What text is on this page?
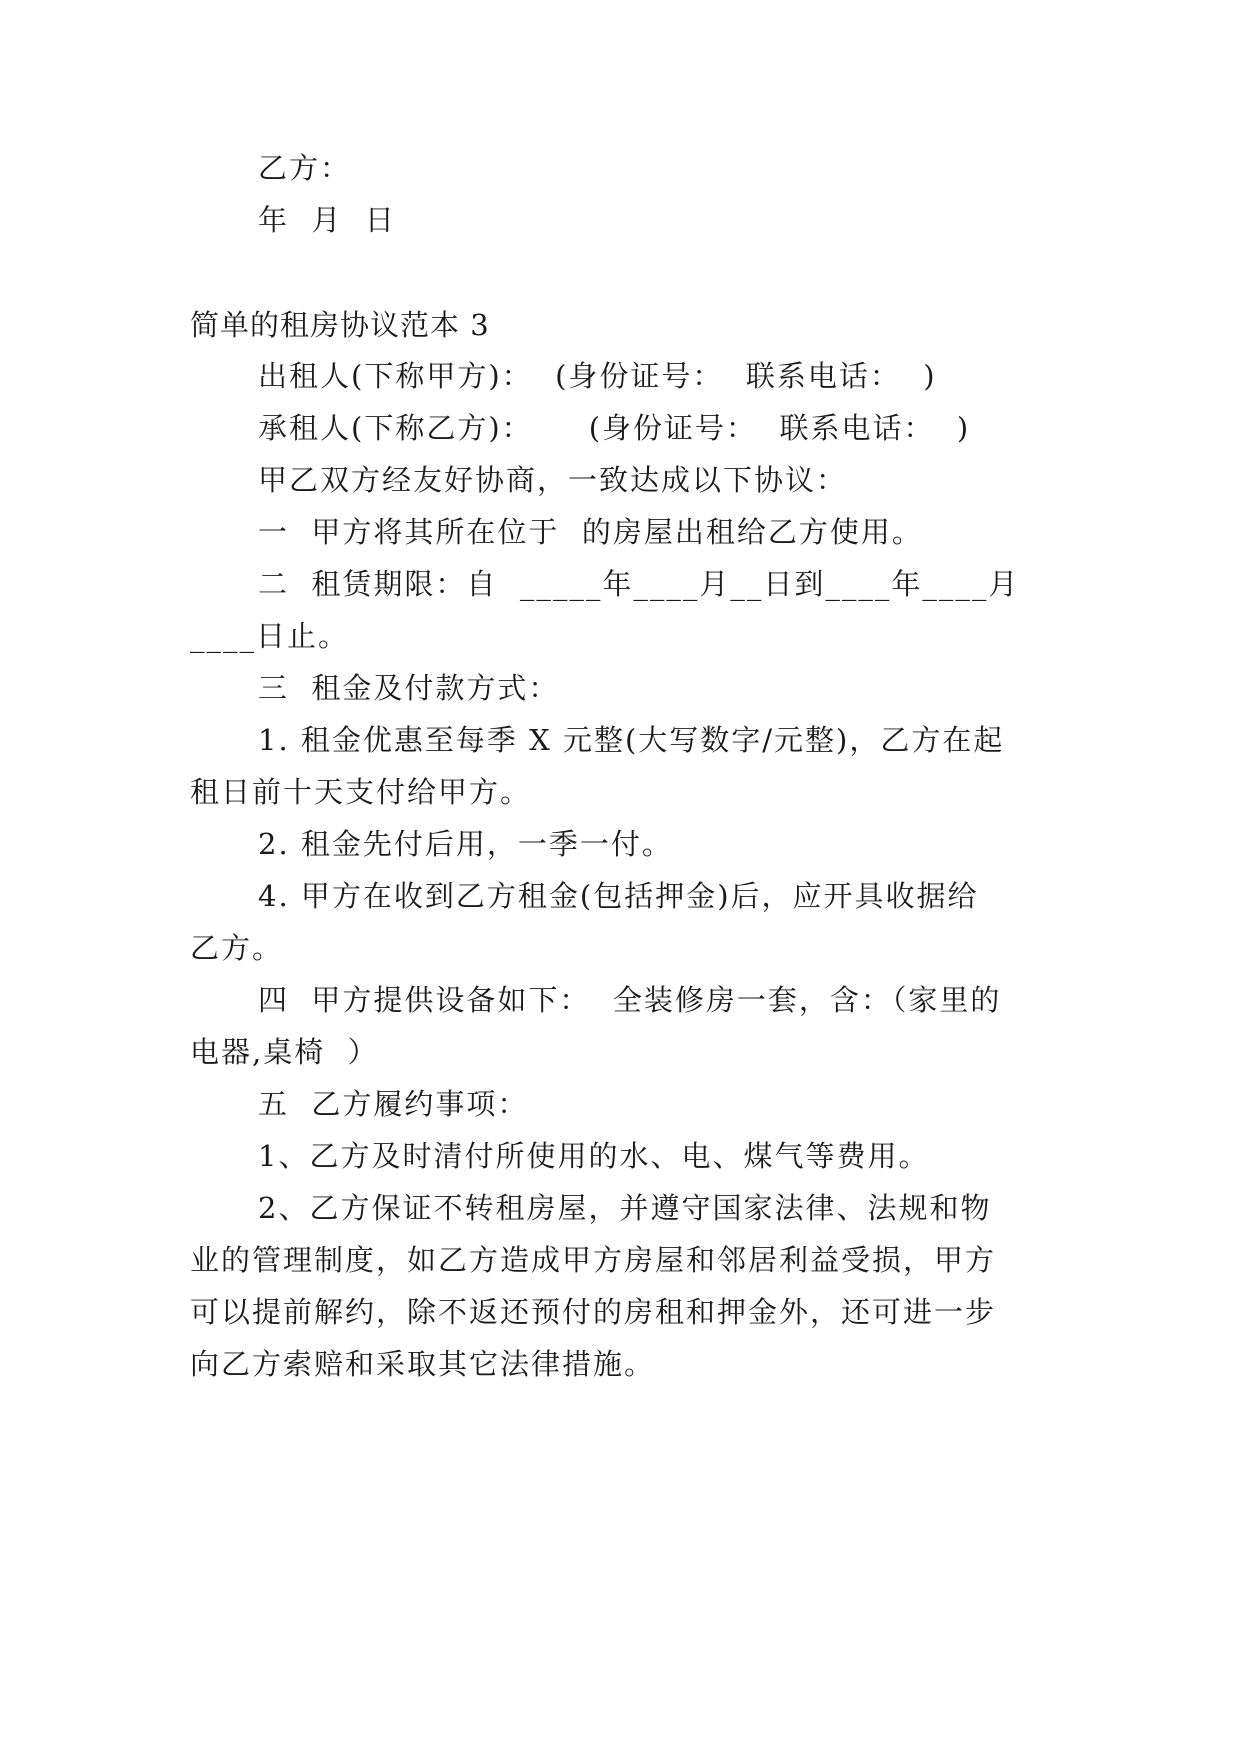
乙方：
年  月  日
简单的租房协议范本 3
出租人(下称甲方)：  (身份证号：  联系电话：  )
承租人(下称乙方)：     (身份证号：  联系电话：  )
甲乙双方经友好协商，一致达成以下协议：
一  甲方将其所在位于  的房屋出租给乙方使用。
二  租赁期限：自  _____年____月__日到____年____月
____日止。
三  租金及付款方式：
1. 租金优惠至每季 X 元整(大写数字/元整)，乙方在起
租日前十天支付给甲方。
2. 租金先付后用，一季一付。
4. 甲方在收到乙方租金(包括押金)后，应开具收据给
乙方。
四  甲方提供设备如下：  全装修房一套，含：（家里的
电器,桌椅  ）
五  乙方履约事项：
1、乙方及时清付所使用的水、电、煤气等费用。
2、乙方保证不转租房屋，并遵守国家法律、法规和物
业的管理制度，如乙方造成甲方房屋和邻居利益受损，甲方
可以提前解约，除不返还预付的房租和押金外，还可进一步
向乙方索赔和采取其它法律措施。
